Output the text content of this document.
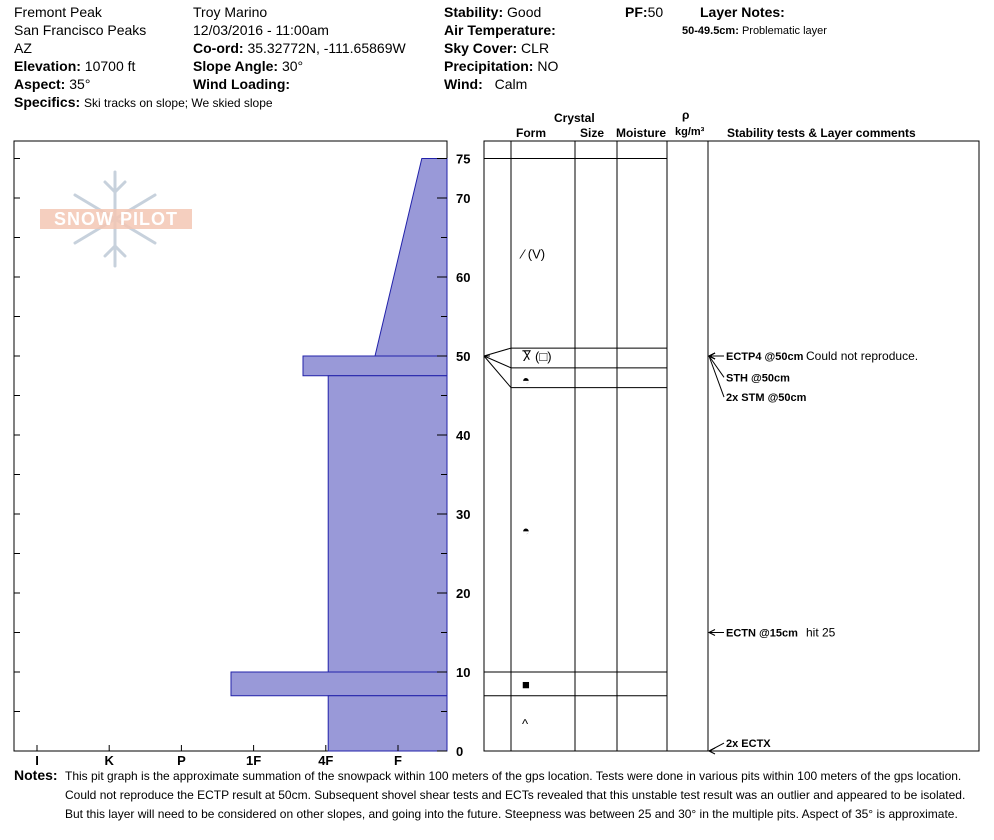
Fremont Peak
San Francisco Peaks
AZ
Elevation: 10700 ft
Aspect: 35°
Specifics: Ski tracks on slope; We skied slope
Troy Marino
12/03/2016 - 11:00am
Co-ord: 35.32772N, -111.65869W
Slope Angle: 30°
Wind Loading:
Stability: Good
Air Temperature:
Sky Cover: CLR
Precipitation: NO
Wind: Calm
PF:50	Layer Notes:
50-49.5cm: Problematic layer
Crystal
Form	Size Moisture
ρ
kg/m³ Stability tests & Layer comments
SNOW PILOT
I	K	P	1F	4F	F
75
70
60
50
40
30
20
10
0
⁄ (V)
Ⴟ (□)
◓
◓
■
^
ECTP4 @50cm Could not reproduce.
STH @50cm
2x STM @50cm
ECTN @15cm hit 25
2x ECTX
Notes: This pit graph is the approximate summation of the snowpack within 100 meters of the gps location. Tests were done in various pits within 100 meters of the gps location.
Could not reproduce the ECTP result at 50cm. Subsequent shovel shear tests and ECTs revealed that this unstable test result was an outlier and appeared to be isolated.
But this layer will need to be considered on other slopes, and going into the future. Steepness was between 25 and 30° in the multiple pits. Aspect of 35° is approximate.
